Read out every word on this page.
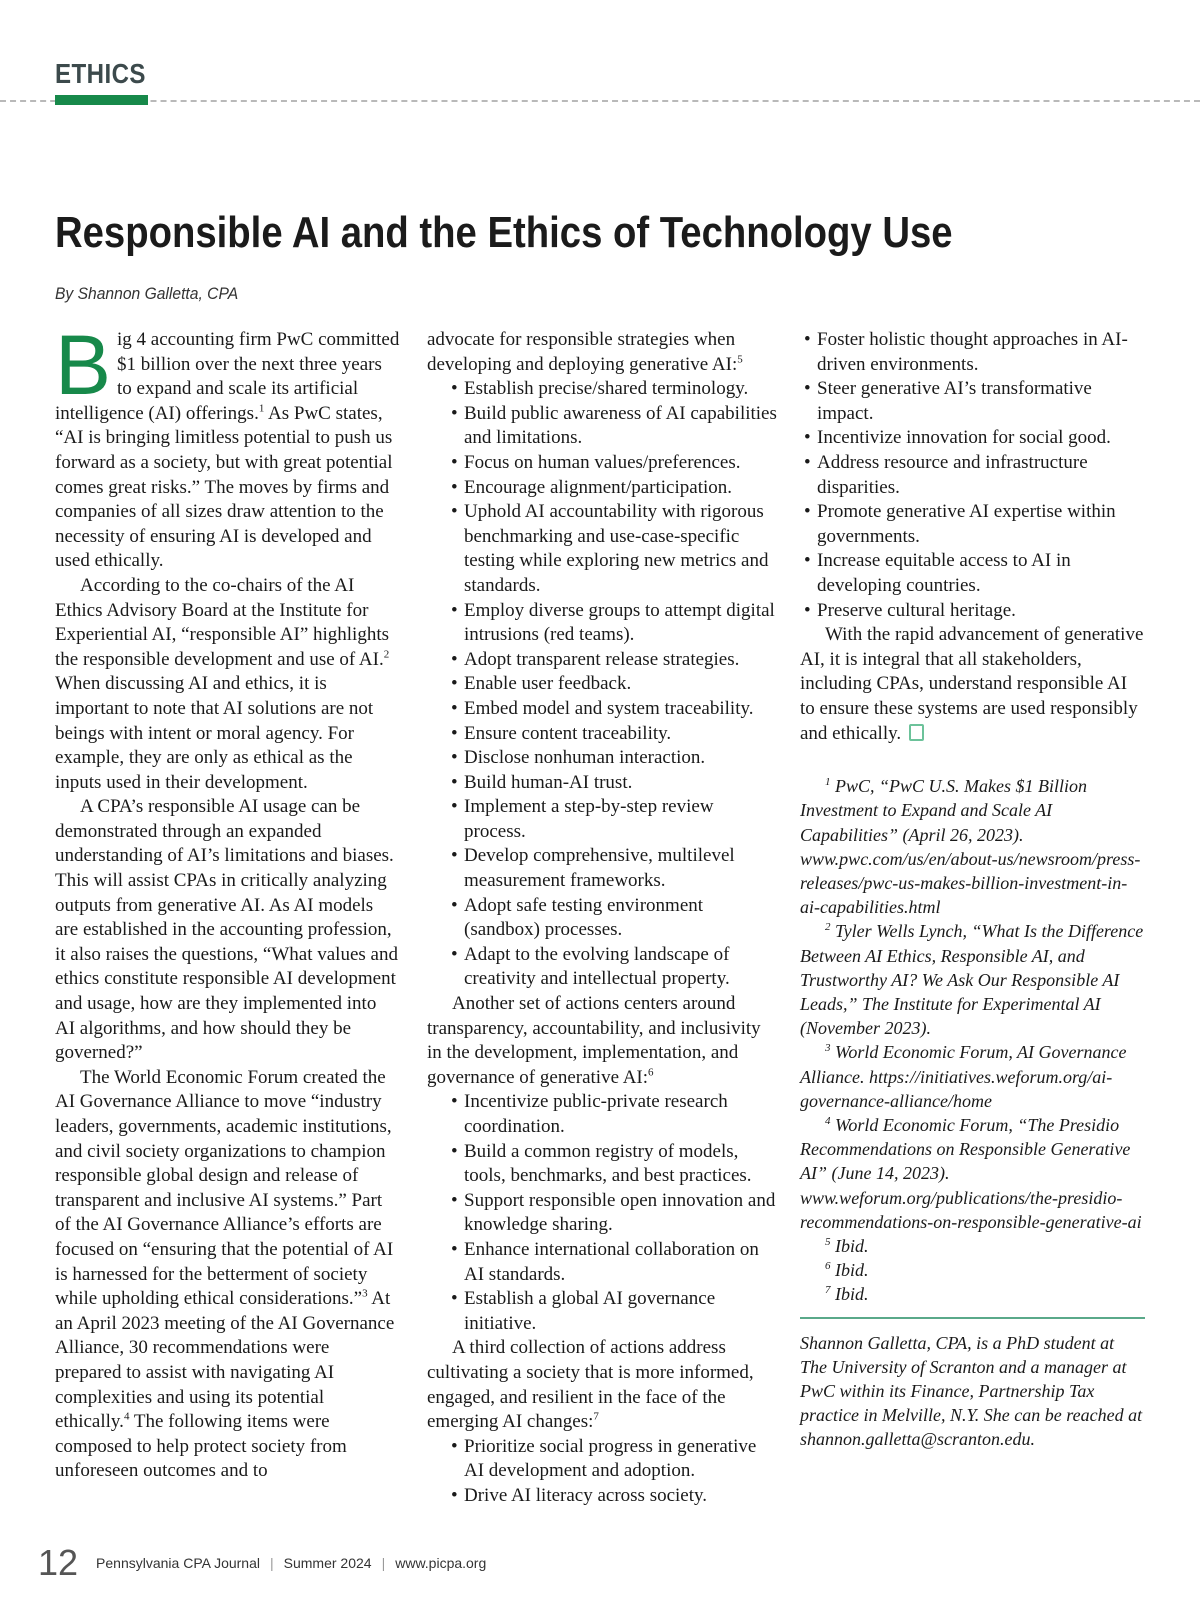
ETHICS
Responsible AI and the Ethics of Technology Use
By Shannon Galletta, CPA

Big 4 accounting firm PwC committed $1 billion over the next three years to expand and scale its artificial intelligence (AI) offerings.$^1$ As PwC states, “AI is bringing limitless potential to push us forward as a society, but with great potential comes great risks.” The moves by firms and companies of all sizes draw attention to the necessity of ensuring AI is developed and used ethically.

According to the co-chairs of the AI Ethics Advisory Board at the Institute for Experiential AI, “responsible AI” highlights the responsible development and use of AI.$^2$ When discussing AI and ethics, it is important to note that AI solutions are not beings with intent or moral agency. For example, they are only as ethical as the inputs used in their development.

A CPA’s responsible AI usage can be demonstrated through an expanded understanding of AI’s limitations and biases. This will assist CPAs in critically analyzing outputs from generative AI. As AI models are established in the accounting profession, it also raises the questions, “What values and ethics constitute responsible AI development and usage, how are they implemented into AI algorithms, and how should they be governed?”

The World Economic Forum created the AI Governance Alliance to move “industry leaders, governments, academic institutions, and civil society organizations to champion responsible global design and release of transparent and inclusive AI systems.” Part of the AI Governance Alliance’s efforts are focused on “ensuring that the potential of AI is harnessed for the betterment of society while upholding ethical considerations.”$^3$ At an April 2023 meeting of the AI Governance Alliance, 30 recommendations were prepared to assist with navigating AI complexities and using its potential ethically.$^4$ The following items were composed to help protect society from unforeseen outcomes and to

advocate for responsible strategies when developing and deploying generative AI:$^5$

• Establish precise/shared terminology.
• Build public awareness of AI capabilities and limitations.
• Focus on human values/preferences.
• Encourage alignment/participation.
• Uphold AI accountability with rigorous benchmarking and use-case-specific testing while exploring new metrics and standards.
• Employ diverse groups to attempt digital intrusions (red teams).
• Adopt transparent release strategies.
• Enable user feedback.
• Embed model and system traceability.
• Ensure content traceability.
• Disclose nonhuman interaction.
• Build human-AI trust.
• Implement a step-by-step review process.
• Develop comprehensive, multilevel measurement frameworks.
• Adopt safe testing environment (sandbox) processes.
• Adapt to the evolving landscape of creativity and intellectual property.

Another set of actions centers around transparency, accountability, and inclusivity in the development, implementation, and governance of generative AI:$^6$

• Incentivize public-private research coordination.
• Build a common registry of models, tools, benchmarks, and best practices.
• Support responsible open innovation and knowledge sharing.
• Enhance international collaboration on AI standards.
• Establish a global AI governance initiative.

A third collection of actions address cultivating a society that is more informed, engaged, and resilient in the face of the emerging AI changes:$^7$

• Prioritize social progress in generative AI development and adoption.
• Drive AI literacy across society.
• Foster holistic thought approaches in AI-driven environments.
• Steer generative AI’s transformative impact.
• Incentivize innovation for social good.
• Address resource and infrastructure disparities.
• Promote generative AI expertise within governments.
• Increase equitable access to AI in developing countries.
• Preserve cultural heritage.

With the rapid advancement of generative AI, it is integral that all stakeholders, including CPAs, understand responsible AI to ensure these systems are used responsibly and ethically.

$^1$ PwC, “PwC U.S. Makes $1 Billion Investment to Expand and Scale AI Capabilities” (April 26, 2023). www.pwc.com/us/en/about-us/newsroom/press-releases/pwc-us-makes-billion-investment-in-ai-capabilities.html

$^2$ Tyler Wells Lynch, “What Is the Difference Between AI Ethics, Responsible AI, and Trustworthy AI? We Ask Our Responsible AI Leads,” The Institute for Experimental AI (November 2023).

$^3$ World Economic Forum, AI Governance Alliance. https://initiatives.weforum.org/ai-governance-alliance/home

$^4$ World Economic Forum, “The Presidio Recommendations on Responsible Generative AI” (June 14, 2023). www.weforum.org/publications/the-presidio-recommendations-on-responsible-generative-ai

$^5$ Ibid.

$^6$ Ibid.

$^7$ Ibid.

Shannon Galletta, CPA, is a PhD student at The University of Scranton and a manager at PwC within its Finance, Partnership Tax practice in Melville, N.Y. She can be reached at shannon.galletta@scranton.edu.
12 Pennsylvania CPA Journal | Summer 2024 | www.picpa.org
